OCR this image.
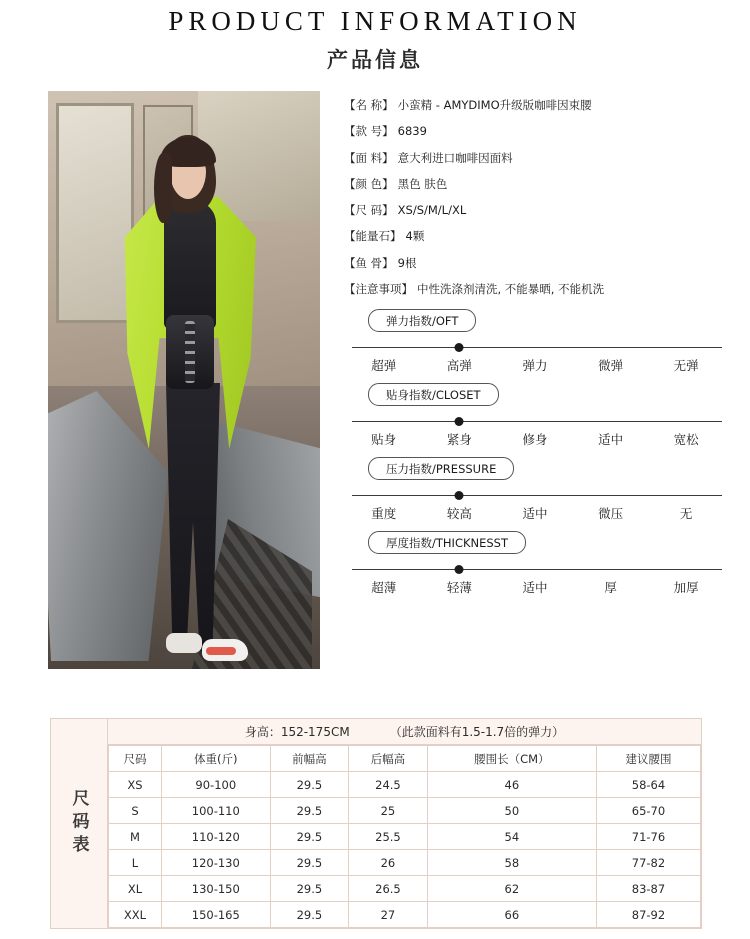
PRODUCT INFORMATION
产品信息
【名 称】 小蛮精 - AMYDIMO升级版咖啡因束腰
【款 号】 6839
【面 料】 意大利进口咖啡因面料
【颜 色】 黑色 肤色
【尺 码】 XS/S/M/L/XL
【能量石】 4颗
【鱼 骨】 9根
【注意事项】 中性洗涤剂清洗, 不能暴晒, 不能机洗
弹力指数/OFT
超弹	高弹	弹力	微弹	无弹
贴身指数/CLOSET
贴身	紧身	修身	适中	宽松
压力指数/PRESSURE
重度	较高	适中	微压	无
厚度指数/THICKNESST
超薄	轻薄	适中	厚	加厚
尺码表
身高：152-175CM	（此款面料有1.5-1.7倍的弹力）
尺码	体重(斤)	前幅高	后幅高	腰围长（CM）	建议腰围
XS	90-100	29.5	24.5	46	58-64
S	100-110	29.5	25	50	65-70
M	110-120	29.5	25.5	54	71-76
L	120-130	29.5	26	58	77-82
XL	130-150	29.5	26.5	62	83-87
XXL	150-165	29.5	27	66	87-92
